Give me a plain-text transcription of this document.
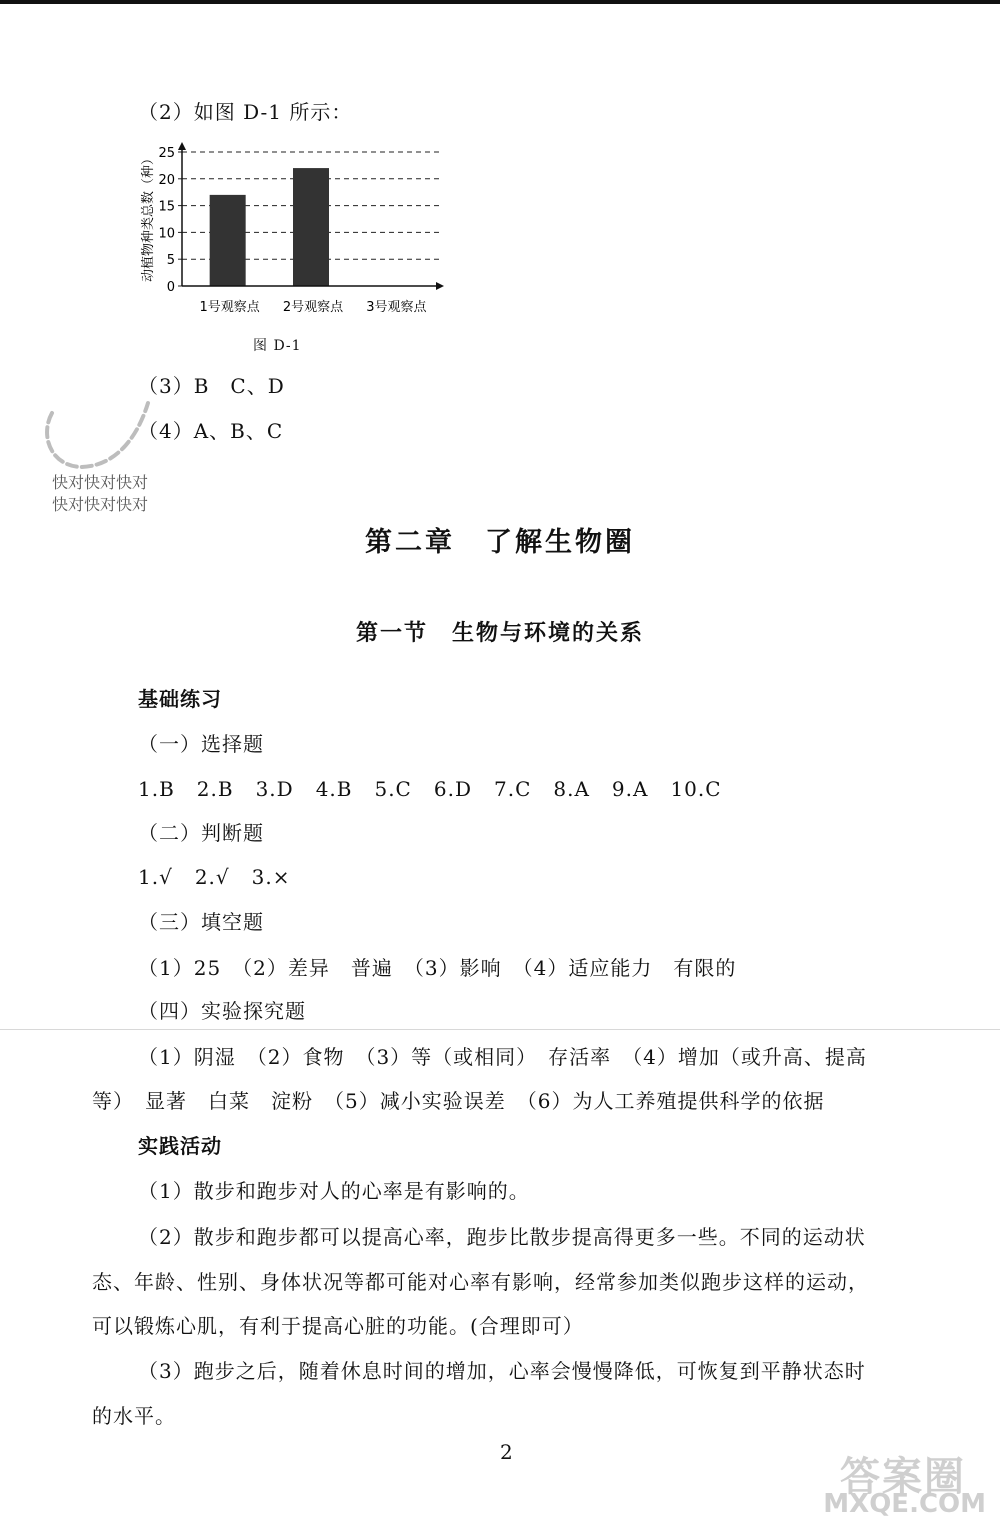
（2）如图 D-1 所示：
0
5
10
15
20
25
1号观察点 2号观察点 3号观察点
动植物种类总数（种）
图 D-1
（3）B　C、D
（4）A、B、C
快对快对快对
快对快对快对
第二章　了解生物圈
第一节　生物与环境的关系
基础练习
（一）选择题
1.B 2.B 3.D 4.B 5.C 6.D 7.C 8.A 9.A 10.C
（二）判断题
1.√ 2.√ 3.×
（三）填空题
（1）25　（2）差异　普遍　（3）影响　（4）适应能力　有限的
（四）实验探究题
（1）阴湿　（2）食物　（3）等（或相同）　存活率　（4）增加（或升高、提高
等）　显著　白菜　淀粉　（5）减小实验误差　（6）为人工养殖提供科学的依据
实践活动
（1）散步和跑步对人的心率是有影响的。
（2）散步和跑步都可以提高心率，跑步比散步提高得更多一些。不同的运动状
态、年龄、性别、身体状况等都可能对心率有影响，经常参加类似跑步这样的运动，
可以锻炼心肌，有利于提高心脏的功能。(合理即可）
（3）跑步之后，随着休息时间的增加，心率会慢慢降低，可恢复到平静状态时
的水平。
2
答案圈
MXQE.COM
